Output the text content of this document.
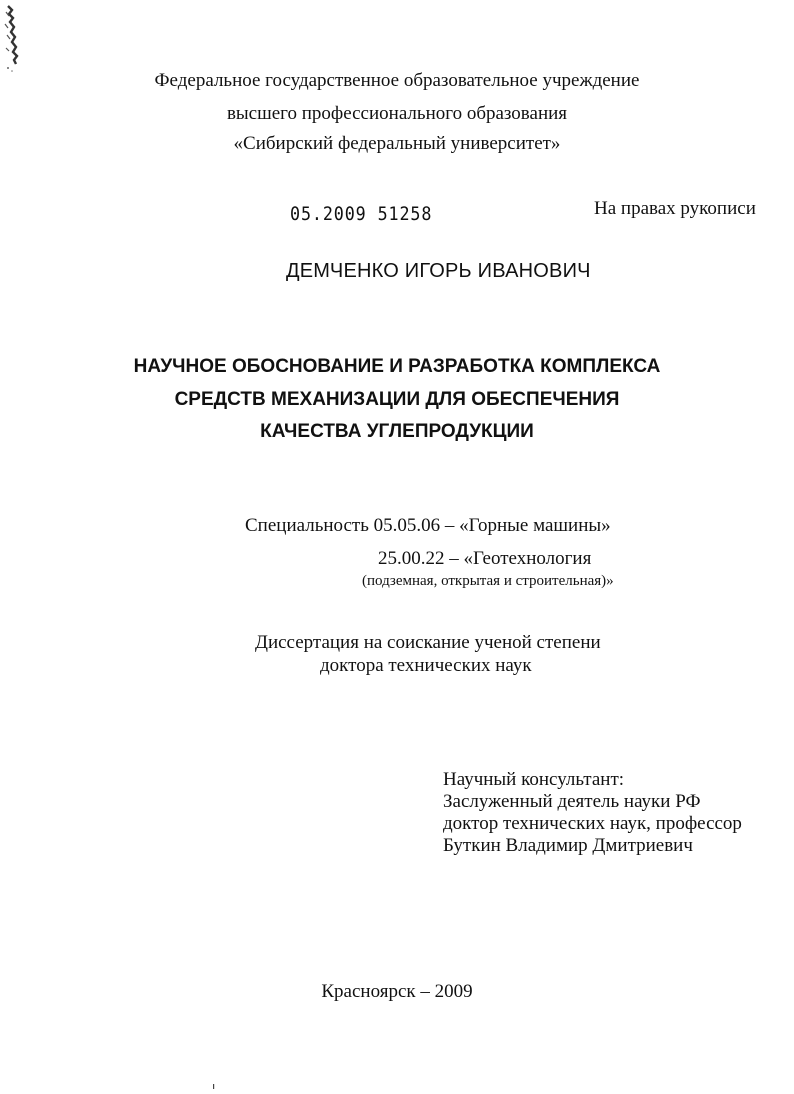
Федеральное государственное образовательное учреждение
высшего профессионального образования
«Сибирский федеральный университет»
05.2009 51258	На правах рукописи
ДЕМЧЕНКО ИГОРЬ ИВАНОВИЧ
НАУЧНОЕ ОБОСНОВАНИЕ И РАЗРАБОТКА КОМПЛЕКСА
СРЕДСТВ МЕХАНИЗАЦИИ ДЛЯ ОБЕСПЕЧЕНИЯ
КАЧЕСТВА УГЛЕПРОДУКЦИИ
Специальность 05.05.06 – «Горные машины»
25.00.22 – «Геотехнология
(подземная, открытая и строительная)»
Диссертация на соискание ученой степени
доктора технических наук
Научный консультант:
Заслуженный деятель науки РФ
доктор технических наук, профессор
Буткин Владимир Дмитриевич
Красноярск – 2009
